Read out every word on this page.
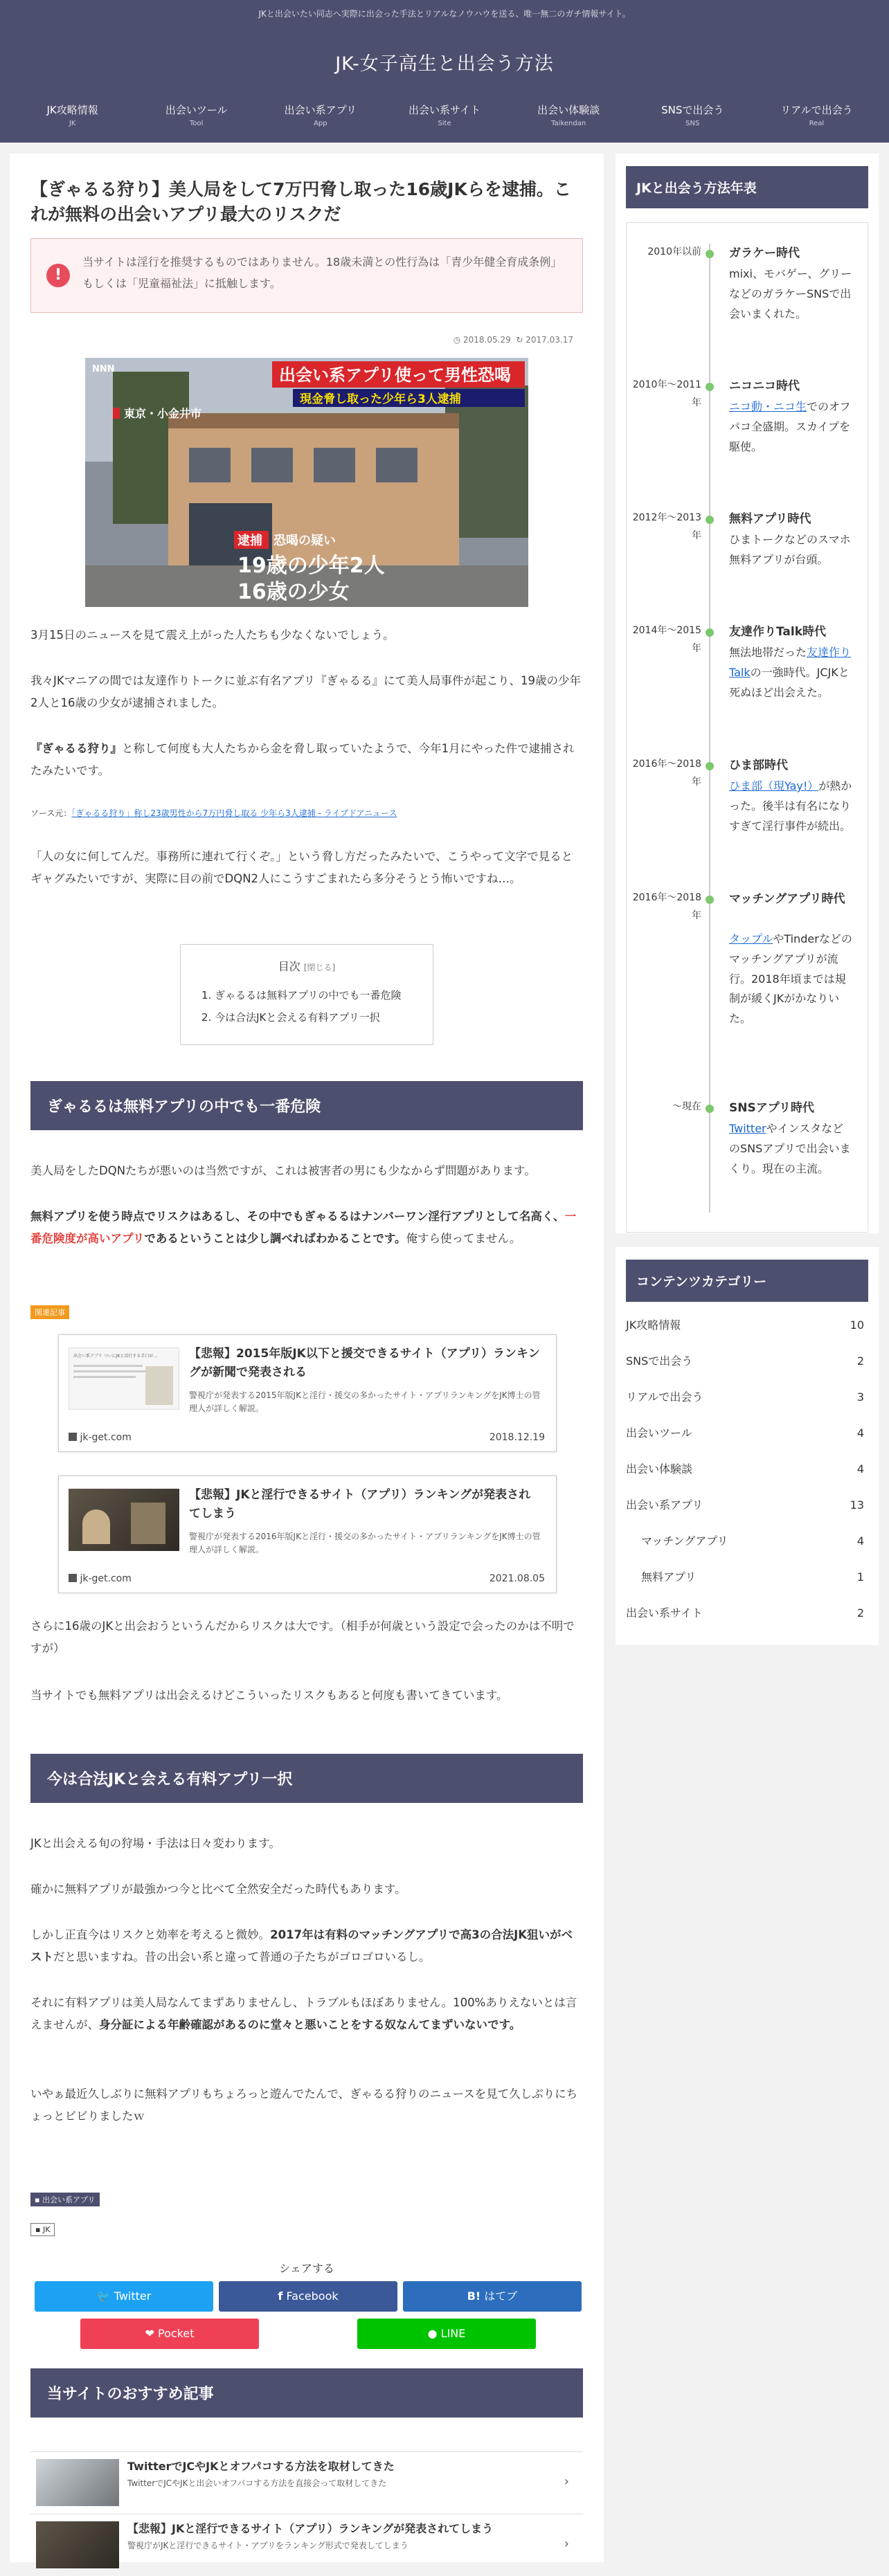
JKと出会いたい同志へ実際に出会った手法とリアルなノウハウを送る、唯一無二のガチ情報サイト。
JK-女子高生と出会う方法
JK攻略情報
JK
出会いツール
Tool
出会い系アプリ
App
出会い系サイト
Site
出会い体験談
Taikendan
SNSで出会う
SNS
リアルで出会う
Real
【ぎゃるる狩り】美人局をして7万円脅し取った16歳JKらを逮捕。これが無料の出会いアプリ最大のリスクだ
!
当サイトは淫行を推奨するものではありません。18歳未満との性行為は「青少年健全育成条例」もしくは「児童福祉法」に抵触します。
◷ 2018.05.29 ↻ 2017.03.17
NNN	出会い系アプリ使って男性恐喝
現金脅し取った少年ら3人逮捕
東京・小金井市
逮捕 恐喝の疑い
19歳の少年2人
16歳の少女

3月15日のニュースを見て震え上がった人たちも少なくないでしょう。

我々JKマニアの間では友達作りトークに並ぶ有名アプリ『ぎゃるる』にて美人局事件が起こり、19歳の少年2人と16歳の少女が逮捕されました。

『ぎゃるる狩り』と称して何度も大人たちから金を脅し取っていたようで、今年1月にやった件で逮捕されたみたいです。

ソース元：「ぎゃるる狩り」称し23歳男性から7万円脅し取る 少年ら3人逮捕 - ライブドアニュース

「人の女に何してんだ。事務所に連れて行くぞ。」という脅し方だったみたいで、こうやって文字で見るとギャグみたいですが、実際に目の前でDQN2人にこうすごまれたら多分そうとう怖いですね…。

目次 [閉じる]
1. ぎゃるるは無料アプリの中でも一番危険
2. 今は合法JKと会える有料アプリ一択
ぎゃるるは無料アプリの中でも一番危険

美人局をしたDQNたちが悪いのは当然ですが、これは被害者の男にも少なからず問題があります。

無料アプリを使う時点でリスクはあるし、その中でもぎゃるるはナンバーワン淫行アプリとして名高く、一番危険度が高いアプリであるということは少し調べればわかることです。俺すら使ってません。

関連記事
出会い系アプリ ついにJKと淫行する手口が…	【悲報】2015年版JK以下と援交できるサイト（アプリ）ランキングが新聞で発表される
警視庁が発表する2015年版JKと淫行・援交の多かったサイト・アプリランキングをJK博士の管理人が詳しく解説。
jk-get.com	2018.12.19
【悲報】JKと淫行できるサイト（アプリ）ランキングが発表されてしまう
警視庁が発表する2016年版JKと淫行・援交の多かったサイト・アプリランキングをJK博士の管理人が詳しく解説。
jk-get.com	2021.08.05

さらに16歳のJKと出会おうというんだからリスクは大です。（相手が何歳という設定で会ったのかは不明ですが）

当サイトでも無料アプリは出会えるけどこういったリスクもあると何度も書いてきています。

今は合法JKと会える有料アプリ一択

JKと出会える旬の狩場・手法は日々変わります。

確かに無料アプリが最強かつ今と比べて全然安全だった時代もあります。

しかし正直今はリスクと効率を考えると微妙。2017年は有料のマッチングアプリで高3の合法JK狙いがベストだと思いますね。昔の出会い系と違って普通の子たちがゴロゴロいるし。

それに有料アプリは美人局なんてまずありませんし、トラブルもほぼありません。100%ありえないとは言えませんが、身分証による年齢確認があるのに堂々と悪いことをする奴なんてまずいないです。

いやぁ最近久しぶりに無料アプリもちょろっと遊んでたんで、ぎゃるる狩りのニュースを見て久しぶりにちょっとビビりましたｗ

▪ 出会い系アプリ
▪ JK
シェアする
🐦 Twitter	f Facebook	B! はてブ
❤ Pocket	● LINE
当サイトのおすすめ記事
TwitterでJCやJKとオフパコする方法を取材してきた
TwitterでJCやJKと出会いオフパコする方法を直接会って取材してきた	›
【悲報】JKと淫行できるサイト（アプリ）ランキングが発表されてしまう
警視庁がJKと淫行できるサイト・アプリをランキング形式で発表してしまう	›
JKと出会う方法年表
2010年以前 ガラケー時代
mixi、モバゲー、グリーなどのガラケーSNSで出会いまくれた。
2010年〜2011年
ニコニコ時代
ニコ動・ニコ生でのオフパコ全盛期。スカイプを駆使。
2012年〜2013年
無料アプリ時代
ひまトークなどのスマホ無料アプリが台頭。
2014年〜2015年
友達作りTalk時代
無法地帯だった友達作りTalkの一強時代。JCJKと死ぬほど出会えた。
2016年〜2018年
ひま部時代
ひま部（現Yay!）が熱かった。後半は有名になりすぎて淫行事件が続出。
2016年〜2018年
マッチングアプリ時代
タップルやTinderなどのマッチングアプリが流行。2018年頃までは規制が緩くJKがかなりいた。
〜現在 SNSアプリ時代
TwitterやインスタなどのSNSアプリで出会いまくり。現在の主流。
コンテンツカテゴリー
JK攻略情報	10
SNSで出会う	2
リアルで出会う	3
出会いツール	4
出会い体験談	4
出会い系アプリ	13
マッチングアプリ	4
無料アプリ	1
出会い系サイト	2
